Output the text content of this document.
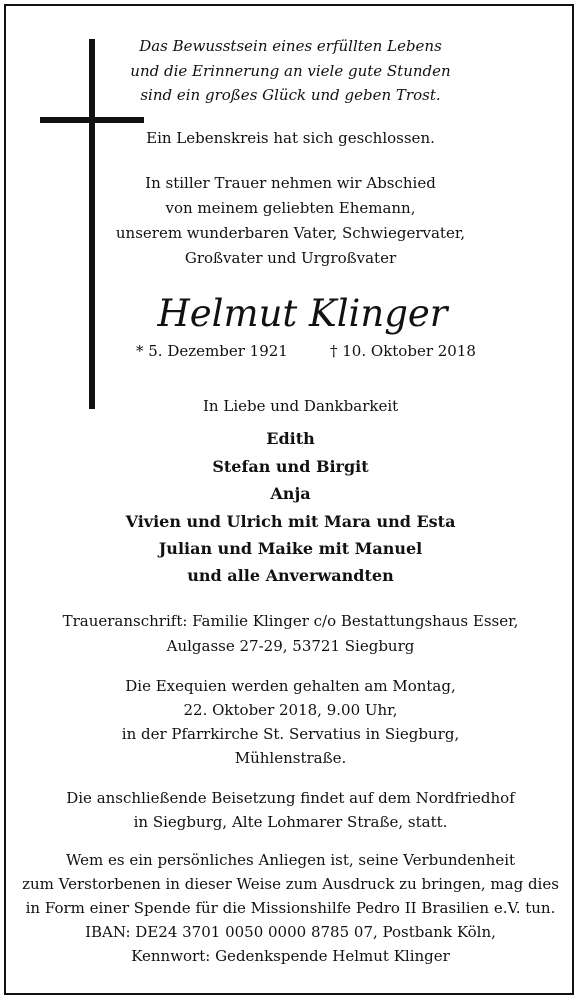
Das Bewusstsein eines erfüllten Lebens
und die Erinnerung an viele gute Stunden
sind ein großes Glück und geben Trost.
Ein Lebenskreis hat sich geschlossen.
In stiller Trauer nehmen wir Abschied
von meinem geliebten Ehemann,
unserem wunderbaren Vater, Schwiegervater,
Großvater und Urgroßvater
Helmut Klinger
* 5. Dezember 1921	† 10. Oktober 2018
In Liebe und Dankbarkeit
Edith
Stefan und Birgit
Anja
Vivien und Ulrich mit Mara und Esta
Julian und Maike mit Manuel
und alle Anverwandten
Traueranschrift: Familie Klinger c/o Bestattungshaus Esser,
Aulgasse 27-29, 53721 Siegburg
Die Exequien werden gehalten am Montag,
22. Oktober 2018, 9.00 Uhr,
in der Pfarrkirche St. Servatius in Siegburg,
Mühlenstraße.
Die anschließende Beisetzung findet auf dem Nordfriedhof
in Siegburg, Alte Lohmarer Straße, statt.
Wem es ein persönliches Anliegen ist, seine Verbundenheit
zum Verstorbenen in dieser Weise zum Ausdruck zu bringen, mag dies
in Form einer Spende für die Missionshilfe Pedro II Brasilien e.V. tun.
IBAN: DE24 3701 0050 0000 8785 07, Postbank Köln,
Kennwort: Gedenkspende Helmut Klinger
